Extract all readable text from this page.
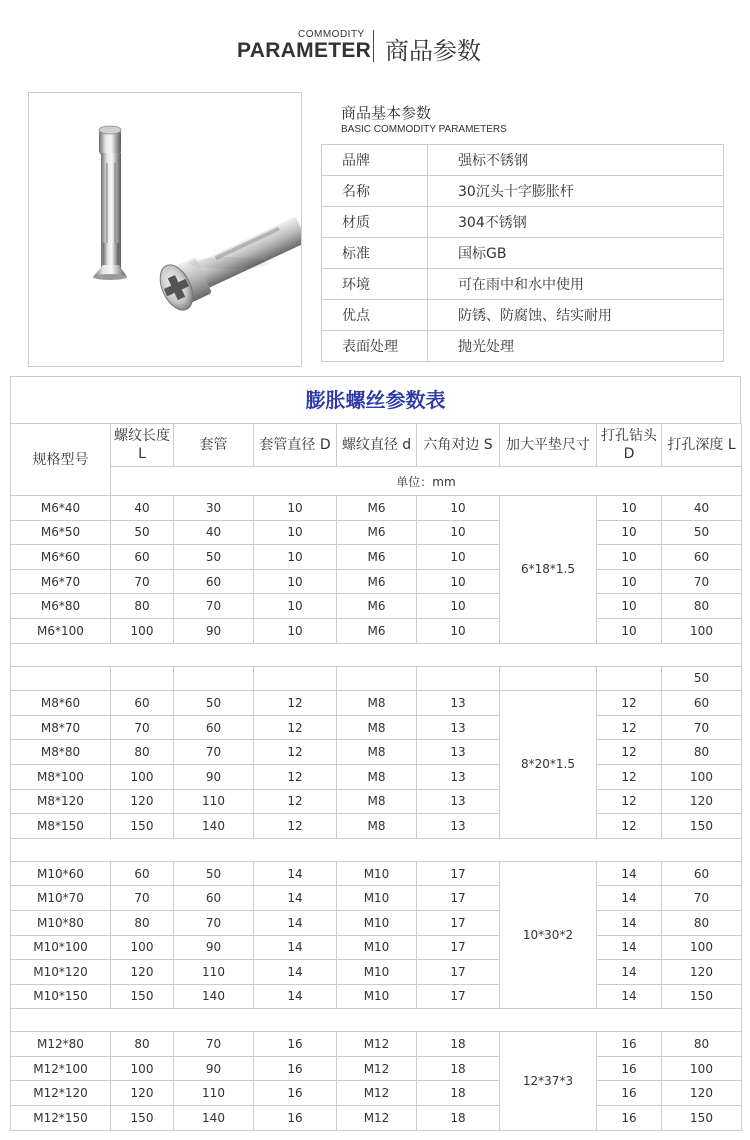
COMMODITY
PARAMETER 商品参数
商品基本参数
BASIC COMMODITY PARAMETERS
品牌	强标不锈钢
名称	30沉头十字膨胀杆
材质	304不锈钢
标准	国标GB
环境	可在雨中和水中使用
优点	防锈、防腐蚀、结实耐用
表面处理	抛光处理
膨胀螺丝参数表
规格型号	螺纹长度 L	套管	套管直径 D	螺纹直径 d	六角对边 S	加大平垫尺寸	打孔钻头 D	打孔深度 L
	单位：mm							
M6*40	40	30	10	M6	10	6*18*1.5	10	40
M6*50	50	40	10	M6	10		10	50
M6*60	60	50	10	M6	10		10	60
M6*70	70	60	10	M6	10		10	70
M6*80	80	70	10	M6	10		10	80
M6*100	100	90	10	M6	10		10	100

								50
M8*60	60	50	12	M8	13	8*20*1.5	12	60
M8*70	70	60	12	M8	13		12	70
M8*80	80	70	12	M8	13		12	80
M8*100	100	90	12	M8	13		12	100
M8*120	120	110	12	M8	13		12	120
M8*150	150	140	12	M8	13		12	150

M10*60	60	50	14	M10	17	10*30*2	14	60
M10*70	70	60	14	M10	17		14	70
M10*80	80	70	14	M10	17		14	80
M10*100	100	90	14	M10	17		14	100
M10*120	120	110	14	M10	17		14	120
M10*150	150	140	14	M10	17		14	150

M12*80	80	70	16	M12	18	12*37*3	16	80
M12*100	100	90	16	M12	18		16	100
M12*120	120	110	16	M12	18		16	120
M12*150	150	140	16	M12	18		16	150
